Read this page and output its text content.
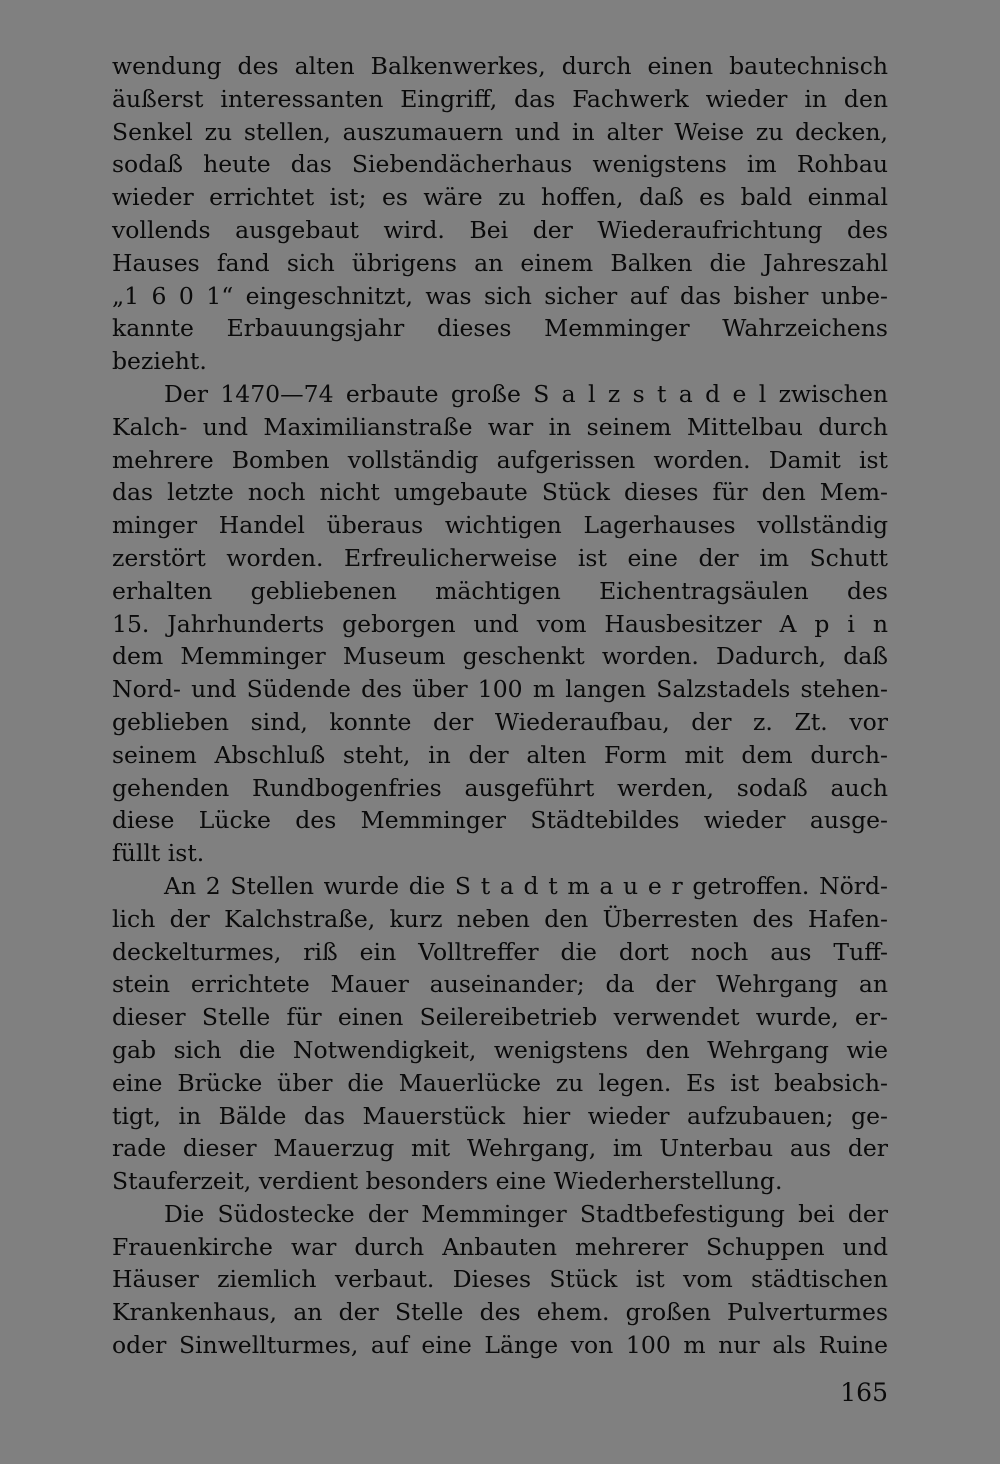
wendung des alten Balkenwerkes, durch einen bautechnisch
äußerst interessanten Eingriff, das Fachwerk wieder in den
Senkel zu stellen, auszumauern und in alter Weise zu decken,
sodaß heute das Siebendächerhaus wenigstens im Rohbau
wieder errichtet ist; es wäre zu hoffen, daß es bald einmal
vollends ausgebaut wird. Bei der Wiederaufrichtung des
Hauses fand sich übrigens an einem Balken die Jahreszahl
„1 6 0 1“ eingeschnitzt, was sich sicher auf das bisher unbe-
kannte Erbauungsjahr dieses Memminger Wahrzeichens
bezieht.
Der 1470—74 erbaute große S a l z s t a d e l zwischen
Kalch- und Maximilianstraße war in seinem Mittelbau durch
mehrere Bomben vollständig aufgerissen worden. Damit ist
das letzte noch nicht umgebaute Stück dieses für den Mem-
minger Handel überaus wichtigen Lagerhauses vollständig
zerstört worden. Erfreulicherweise ist eine der im Schutt
erhalten gebliebenen mächtigen Eichentragsäulen des
15. Jahrhunderts geborgen und vom Hausbesitzer A p i n
dem Memminger Museum geschenkt worden. Dadurch, daß
Nord- und Südende des über 100 m langen Salzstadels stehen-
geblieben sind, konnte der Wiederaufbau, der z. Zt. vor
seinem Abschluß steht, in der alten Form mit dem durch-
gehenden Rundbogenfries ausgeführt werden, sodaß auch
diese Lücke des Memminger Städtebildes wieder ausge-
füllt ist.
An 2 Stellen wurde die S t a d t m a u e r getroffen. Nörd-
lich der Kalchstraße, kurz neben den Überresten des Hafen-
deckelturmes, riß ein Volltreffer die dort noch aus Tuff-
stein errichtete Mauer auseinander; da der Wehrgang an
dieser Stelle für einen Seilereibetrieb verwendet wurde, er-
gab sich die Notwendigkeit, wenigstens den Wehrgang wie
eine Brücke über die Mauerlücke zu legen. Es ist beabsich-
tigt, in Bälde das Mauerstück hier wieder aufzubauen; ge-
rade dieser Mauerzug mit Wehrgang, im Unterbau aus der
Stauferzeit, verdient besonders eine Wiederherstellung.
Die Südostecke der Memminger Stadtbefestigung bei der
Frauenkirche war durch Anbauten mehrerer Schuppen und
Häuser ziemlich verbaut. Dieses Stück ist vom städtischen
Krankenhaus, an der Stelle des ehem. großen Pulverturmes
oder Sinwellturmes, auf eine Länge von 100 m nur als Ruine
165
